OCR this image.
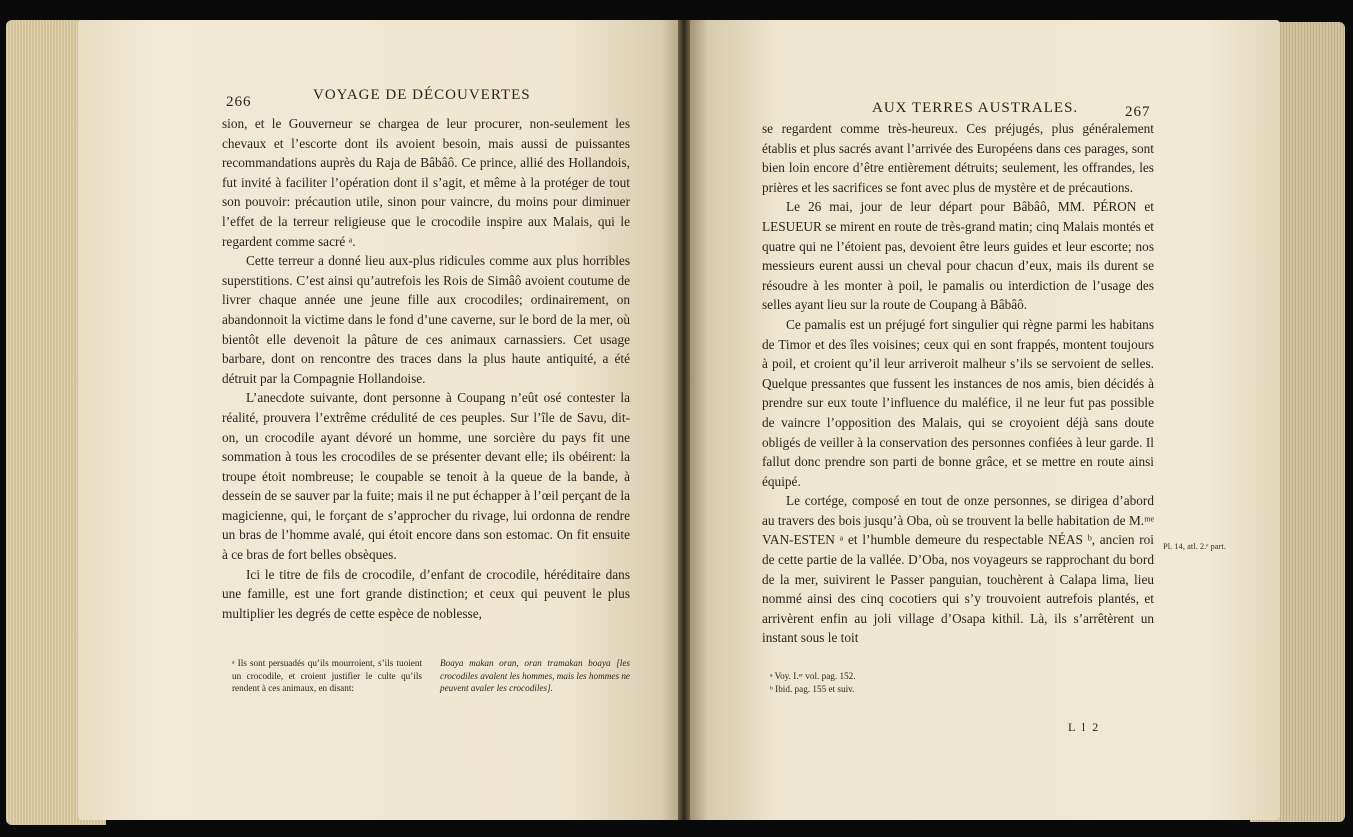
266	VOYAGE DE DÉCOUVERTES

sion, et le Gouverneur se chargea de leur procurer, non-seulement les chevaux et l’escorte dont ils avoient besoin, mais aussi de puissantes recommandations auprès du Raja de Bâbâô. Ce prince, allié des Hollandois, fut invité à faciliter l’opération dont il s’agit, et même à la protéger de tout son pouvoir: précaution utile, sinon pour vaincre, du moins pour diminuer l’effet de la terreur religieuse que le crocodile inspire aux Malais, qui le regardent comme sacré ᵃ.

Cette terreur a donné lieu aux-plus ridicules comme aux plus horribles superstitions. C’est ainsi qu’autrefois les Rois de Simâô avoient coutume de livrer chaque année une jeune fille aux crocodiles; ordinairement, on abandonnoit la victime dans le fond d’une caverne, sur le bord de la mer, où bientôt elle devenoit la pâture de ces animaux carnassiers. Cet usage barbare, dont on rencontre des traces dans la plus haute antiquité, a été détruit par la Compagnie Hollandoise.

L’anecdote suivante, dont personne à Coupang n’eût osé contester la réalité, prouvera l’extrême crédulité de ces peuples. Sur l’île de Savu, dit-on, un crocodile ayant dévoré un homme, une sorcière du pays fit une sommation à tous les crocodiles de se présenter devant elle; ils obéirent: la troupe étoit nombreuse; le coupable se tenoit à la queue de la bande, à dessein de se sauver par la fuite; mais il ne put échapper à l’œil perçant de la magicienne, qui, le forçant de s’approcher du rivage, lui ordonna de rendre un bras de l’homme avalé, qui étoit encore dans son estomac. On fit ensuite à ce bras de fort belles obsèques.

Ici le titre de fils de crocodile, d’enfant de crocodile, héréditaire dans une famille, est une fort grande distinction; et ceux qui peuvent le plus multiplier les degrés de cette espèce de noblesse,

ᵃ Ils sont persuadés qu’ils mourroient, s’ils tuoient un crocodile, et croient justifier le culte qu’ils rendent à ces animaux, en disant:

Boaya makan oran, oran tramakan boaya [les crocodiles avalent les hommes, mais les hommes ne peuvent avaler les crocodiles].

AUX TERRES AUSTRALES.	267

se regardent comme très-heureux. Ces préjugés, plus généralement établis et plus sacrés avant l’arrivée des Européens dans ces parages, sont bien loin encore d’être entièrement détruits; seulement, les offrandes, les prières et les sacrifices se font avec plus de mystère et de précautions.

Le 26 mai, jour de leur départ pour Bâbâô, MM. PÉRON et LESUEUR se mirent en route de très-grand matin; cinq Malais montés et quatre qui ne l’étoient pas, devoient être leurs guides et leur escorte; nos messieurs eurent aussi un cheval pour chacun d’eux, mais ils durent se résoudre à les monter à poil, le pamalis ou interdiction de l’usage des selles ayant lieu sur la route de Coupang à Bâbâô.

Ce pamalis est un préjugé fort singulier qui règne parmi les habitans de Timor et des îles voisines; ceux qui en sont frappés, montent toujours à poil, et croient qu’il leur arriveroit malheur s’ils se servoient de selles. Quelque pressantes que fussent les instances de nos amis, bien décidés à prendre sur eux toute l’influence du maléfice, il ne leur fut pas possible de vaincre l’opposition des Malais, qui se croyoient déjà sans doute obligés de veiller à la conservation des personnes confiées à leur garde. Il fallut donc prendre son parti de bonne grâce, et se mettre en route ainsi équipé.

Le cortége, composé en tout de onze personnes, se dirigea d’abord au travers des bois jusqu’à Oba, où se trouvent la belle habitation de M.ᵐᵉ VAN-ESTEN ᵃ et l’humble demeure du respectable NÉAS ᵇ, ancien roi de cette partie de la vallée. D’Oba, nos voyageurs se rapprochant du bord de la mer, suivirent le Passer panguian, touchèrent à Calapa lima, lieu nommé ainsi des cinq cocotiers qui s’y trouvoient autrefois plantés, et arrivèrent enfin au joli village d’Osapa kithil. Là, ils s’arrêtèrent un instant sous le toit

Pl. 14, atl. 2.ᵉ part.

ᵃ Voy. I.ᵉʳ vol. pag. 152.

ᵇ Ibid. pag. 155 et suiv.

L l 2
